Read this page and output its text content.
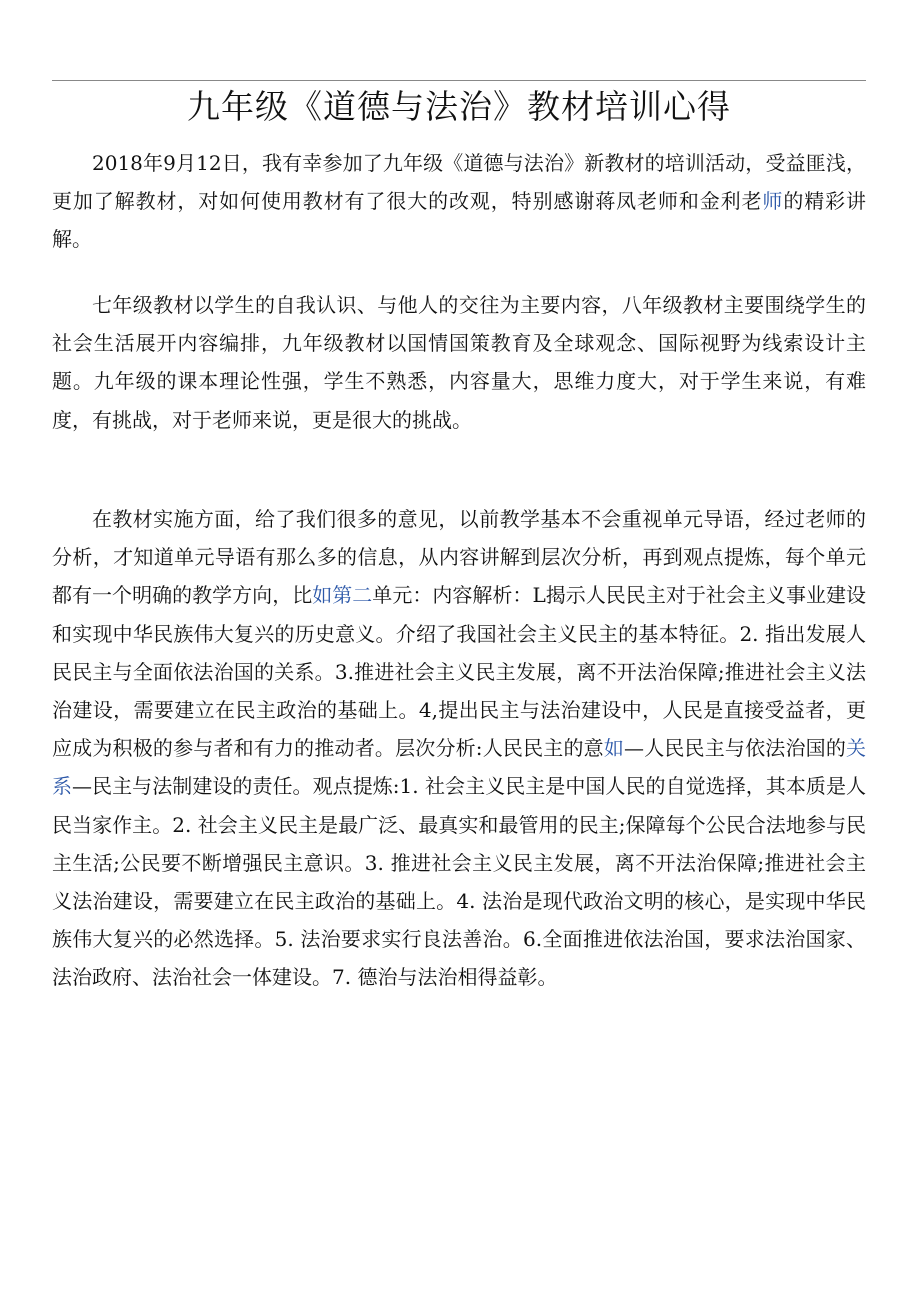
九年级《道德与法治》教材培训心得

2018年9月12日，我有幸参加了九年级《道德与法治》新教材的培训活动，受益匪浅，更加了解教材，对如何使用教材有了很大的改观，特别感谢蒋凤老师和金利老师的精彩讲解。

七年级教材以学生的自我认识、与他人的交往为主要内容，八年级教材主要围绕学生的社会生活展开内容编排，九年级教材以国情国策教育及全球观念、国际视野为线索设计主题。九年级的课本理论性强，学生不熟悉，内容量大，思维力度大，对于学生来说，有难度，有挑战，对于老师来说，更是很大的挑战。

在教材实施方面，给了我们很多的意见，以前教学基本不会重视单元导语，经过老师的分析，才知道单元导语有那么多的信息，从内容讲解到层次分析，再到观点提炼，每个单元都有一个明确的教学方向，比如第二单元：内容解析：L揭示人民民主对于社会主义事业建设和实现中华民族伟大复兴的历史意义。介绍了我国社会主义民主的基本特征。2. 指出发展人民民主与全面依法治国的关系。3.推进社会主义民主发展，离不开法治保障;推进社会主义法治建设，需要建立在民主政治的基础上。4,提出民主与法治建设中，人民是直接受益者，更应成为积极的参与者和有力的推动者。层次分析:人民民主的意如—人民民主与依法治国的关系—民主与法制建设的责任。观点提炼:1. 社会主义民主是中国人民的自觉选择，其本质是人民当家作主。2. 社会主义民主是最广泛、最真实和最管用的民主;保障每个公民合法地参与民主生活;公民要不断增强民主意识。3. 推进社会主义民主发展，离不开法治保障;推进社会主义法治建设，需要建立在民主政治的基础上。4. 法治是现代政治文明的核心，是实现中华民族伟大复兴的必然选择。5. 法治要求实行良法善治。6.全面推进依法治国，要求法治国家、法治政府、法治社会一体建设。7. 德治与法治相得益彰。
